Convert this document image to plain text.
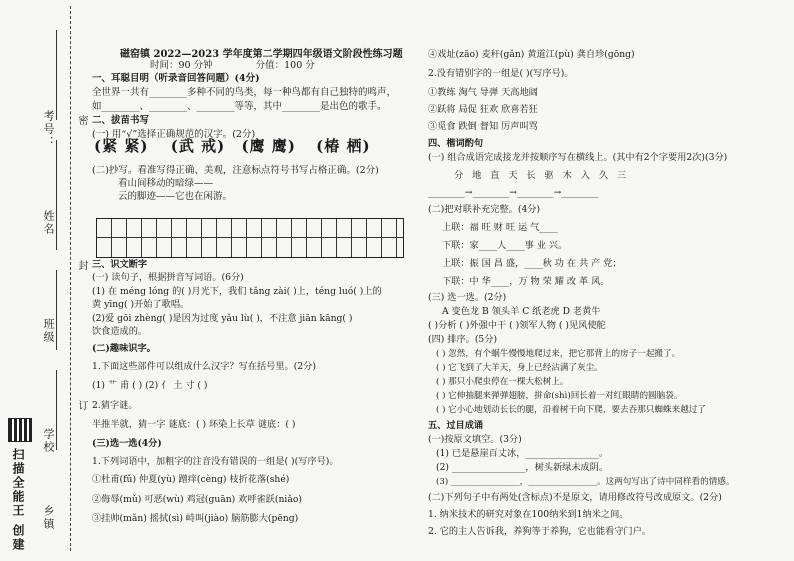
考号：
姓名
班级
学校
乡镇
密
封
订
扫描全能王 创建
磁窑镇 2022—2023 学年度第二学期四年级语文阶段性练习题
时间：90 分钟	分值：100 分
一、耳聪目明（听录音回答问题）(4分)
全世界一共有________多种不同的鸟类，每一种鸟都有自己独特的鸣声，
如________、________、________等等，其中________是出色的歌手。
二、拔苗书写
(一) 用“√”选择正确规范的汉字。(2分)
(紧 紧) (武 戒) (鹰 鹰) (椿 栖)
(二)抄写。看准写得正确、美观，注意标点符号书写占格正确。(2分)
看山间移动的暗绿——
云的脚迹——它也在闲游。
三、识文断字
(一) 读句子，根据拼音写词语。(6分)
(1) 在 méng lóng 的( )月光下，我们 tǎng zài( )上，téng luó( )上的
黄 yīng( )开始了歌唱。
(2)爱 gōi zhèng( )是因为过度 yǎu lù( )，不注意 jiān kāng( )
饮食造成的。
(二)趣味识字。
1.下面这些部件可以组成什么汉字？写在括号里。(2分)
(1) 艹 甫 ( ) (2) 亻 土 寸 ( )
2.猜字谜。
半推半就，猜一字 谜底：( ) 环染上长草 谜底：( )
(三)选一选(4分)
1.下列词语中，加粗字的注音没有错误的一组是( )(写序号)。
①杜甫(fǔ) 仲夏(yù) 蹭痒(cèng) 枝折花落(shé)
②侮辱(mǔ) 可恶(wù) 鸡冠(guān) 欢呼雀跃(niǎo)
③挂帅(mǎn) 摇拭(sì) 峙叫(jiào) 脑筋膨大(pēng)
④戏址(zāo) 麦秆(gǎn) 黄道江(pù) 龚自珍(gōng)
2.没有错别字的一组是( )(写序号)。
①教练 淘气 导弹 天高地阔
②跃将 局促 狂欢 欣喜若狂
③觅食 跌倒 督知 厉声叫骂
四、楷词酌句
(一) 组合成语完成接龙并按顺序写在横线上。(其中有2个字要用2次)(3分)
分 地 直 天 长 驱 木 入 久 三
________→________→________→________
(二)把对联补充完整。(4分)
上联：福 旺 财 旺 运 气____
下联：家____人____事 业 兴。
上联：振 国 昌 盛，____秋 功 在 共 产 党；
下联：中 华____，万 物 荣 耀 改 革 风。
(三) 选一选。(2分)
A 变色龙 B 领头羊 C 纸老虎 D 老黄牛
( )分析 ( )外强中干 ( )领军人物 ( )见风使舵
(四) 排序。(5分)
( ) 忽然，有个蜗牛慢慢地爬过来，把它那背上的房子一起搬了。
( ) 它飞到了大羊天，身上已经沾满了灰尘。
( ) 那只小爬虫停在一棵大松树上。
( ) 它伸抽腿来弹弹翅膀，拼命(shì)回长着一对红眼睛的圆脑袋。
( ) 它小心地划动长长的腿，沿着树干向下爬，要去吞那只蜘蛛来越过了
五、过目成诵
(一)按原文填空。(3分)
(1) 已是悬崖百丈冰，________________。
(2) ________________，树头新绿未成阴。
(3) ________________，________________。这两句写出了诗中同样看的情感。
(二)下列句子中有两处(含标点)不是原文，请用修改符号改成原文。(2分)
1. 纳米技术的研究对象在100纳米到1纳米之间。
2. 它的主人告诉我，养狗等于养狗，它也能看守门户。
